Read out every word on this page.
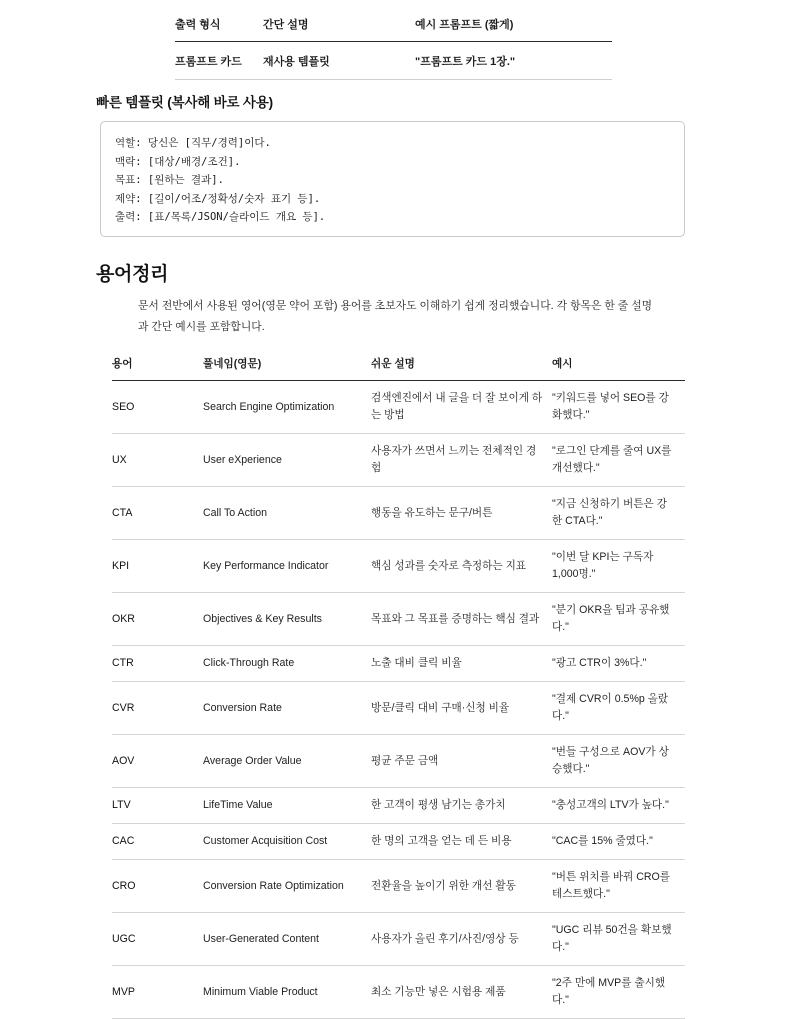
출력 형식	간단 설명	예시 프롬프트 (짧게)
프롬프트 카드	재사용 템플릿	"프롬프트 카드 1장."
빠른 템플릿 (복사해 바로 사용)
역할: 당신은 [직무/경력]이다.
맥락: [대상/배경/조건].
목표: [원하는 결과].
제약: [길이/어조/정확성/숫자 표기 등].
출력: [표/목록/JSON/슬라이드 개요 등].
용어정리
문서 전반에서 사용된 영어(영문 약어 포함) 용어를 초보자도 이해하기 쉽게 정리했습니다. 각 항목은 한 줄 설명과 간단 예시를 포함합니다.
용어	풀네임(영문)	쉬운 설명	예시
SEO	Search Engine Optimization	검색엔진에서 내 글을 더 잘 보이게 하는 방법	"키워드를 넣어 SEO를 강화했다."
UX	User eXperience	사용자가 쓰면서 느끼는 전체적인 경험	"로그인 단계를 줄여 UX를 개선했다."
CTA	Call To Action	행동을 유도하는 문구/버튼	"지금 신청하기 버튼은 강한 CTA다."
KPI	Key Performance Indicator	핵심 성과를 숫자로 측정하는 지표	"이번 달 KPI는 구독자 1,000명."
OKR	Objectives & Key Results	목표와 그 목표를 증명하는 핵심 결과	"분기 OKR을 팀과 공유했다."
CTR	Click-Through Rate	노출 대비 클릭 비율	"광고 CTR이 3%다."
CVR	Conversion Rate	방문/클릭 대비 구매·신청 비율	"결제 CVR이 0.5%p 올랐다."
AOV	Average Order Value	평균 주문 금액	"번들 구성으로 AOV가 상승했다."
LTV	LifeTime Value	한 고객이 평생 남기는 총가치	"충성고객의 LTV가 높다."
CAC	Customer Acquisition Cost	한 명의 고객을 얻는 데 든 비용	"CAC를 15% 줄였다."
CRO	Conversion Rate Optimization	전환율을 높이기 위한 개선 활동	"버튼 위치를 바꿔 CRO를 테스트했다."
UGC	User-Generated Content	사용자가 올린 후기/사진/영상 등	"UGC 리뷰 50건을 확보했다."
MVP	Minimum Viable Product	최소 기능만 넣은 시험용 제품	"2주 만에 MVP를 출시했다."
